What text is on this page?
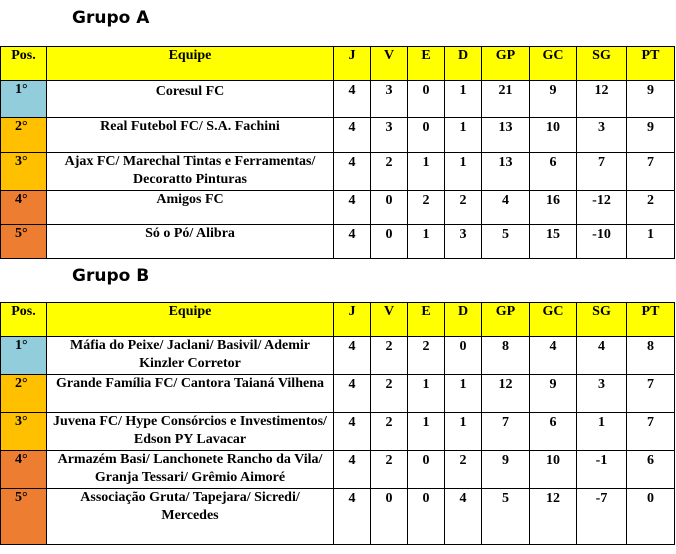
Grupo A
Pos.	Equipe	J	V	E	D	GP	GC	SG	PT
1°	Coresul FC	4	3	0	1	21	9	12	9
2°	Real Futebol FC/ S.A. Fachini	4	3	0	1	13	10	3	9
3°	Ajax FC/ Marechal Tintas e Ferramentas/ Decoratto Pinturas	4	2	1	1	13	6	7	7
4°	Amigos FC	4	0	2	2	4	16	-12	2
5°	Só o Pó/ Alibra	4	0	1	3	5	15	-10	1
Grupo B
Pos.	Equipe	J	V	E	D	GP	GC	SG	PT
1°	Máfia do Peixe/ Jaclani/ Basivil/ Ademir Kinzler Corretor	4	2	2	0	8	4	4	8
2°	Grande Família FC/ Cantora Taianá Vilhena	4	2	1	1	12	9	3	7
3°	Juvena FC/ Hype Consórcios e Investimentos/ Edson PY Lavacar	4	2	1	1	7	6	1	7
4°	Armazém Basi/ Lanchonete Rancho da Vila/ Granja Tessari/ Grêmio Aimoré	4	2	0	2	9	10	-1	6
5°	Associação Gruta/ Tapejara/ Sicredi/ Mercedes	4	0	0	4	5	12	-7	0
